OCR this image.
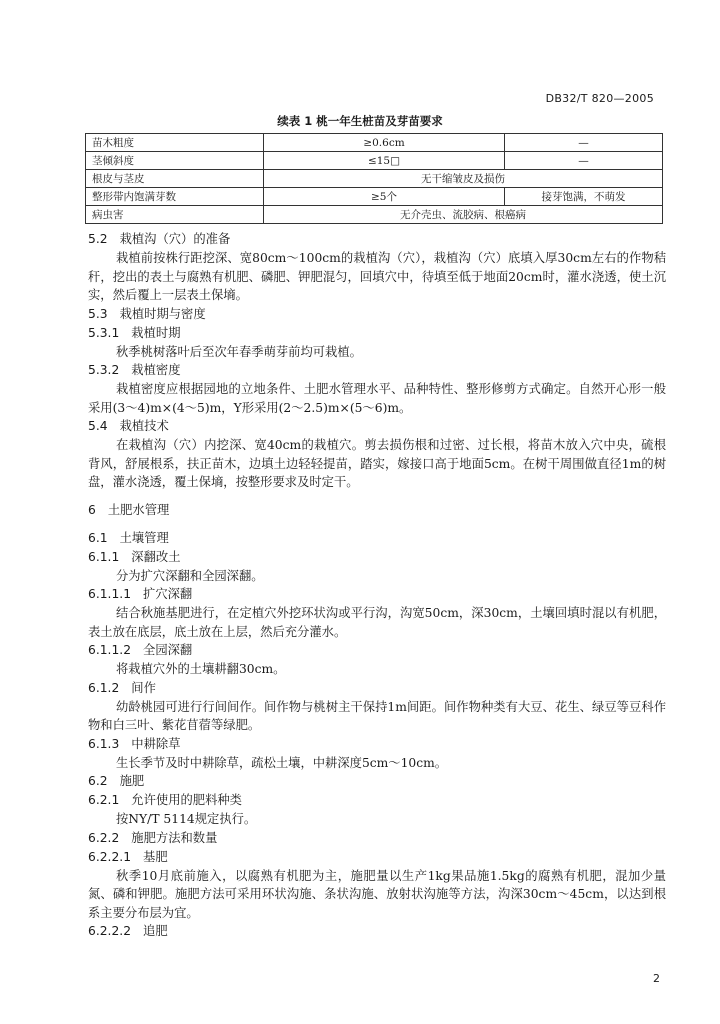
DB32/T 820—2005
续表 1 桃一年生桩苗及芽苗要求
苗木粗度	≥0.6cm	—
茎倾斜度	≤15□	—
根皮与茎皮	无干缩皱皮及损伤	
整形带内饱满芽数	≥5个	接芽饱满，不萌发
病虫害	无介壳虫、流胶病、根癌病	

5.2 栽植沟（穴）的准备

栽植前按株行距挖深、宽80cm～100cm的栽植沟（穴），栽植沟（穴）底填入厚30cm左右的作物秸秆，挖出的表土与腐熟有机肥、磷肥、钾肥混匀，回填穴中，待填至低于地面20cm时，灌水浇透，使土沉实，然后覆上一层表土保墒。

5.3 栽植时期与密度

5.3.1 栽植时期

秋季桃树落叶后至次年春季萌芽前均可栽植。

5.3.2 栽植密度

栽植密度应根据园地的立地条件、土肥水管理水平、品种特性、整形修剪方式确定。自然开心形一般采用(3～4)m×(4～5)m，Y形采用(2～2.5)m×(5～6)m。

5.4 栽植技术

在栽植沟（穴）内挖深、宽40cm的栽植穴。剪去损伤根和过密、过长根，将苗木放入穴中央，硫根背风，舒展根系，扶正苗木，边填土边轻轻提苗，踏实，嫁接口高于地面5cm。在树干周围做直径1m的树盘，灌水浇透，覆土保墒，按整形要求及时定干。

6 土肥水管理

6.1 土壤管理

6.1.1 深翻改土

分为扩穴深翻和全园深翻。

6.1.1.1 扩穴深翻

结合秋施基肥进行，在定植穴外挖环状沟或平行沟，沟宽50cm，深30cm，土壤回填时混以有机肥，表土放在底层，底土放在上层，然后充分灌水。

6.1.1.2 全园深翻

将栽植穴外的土壤耕翻30cm。

6.1.2 间作

幼龄桃园可进行行间间作。间作物与桃树主干保持1m间距。间作物种类有大豆、花生、绿豆等豆科作物和白三叶、紫花苜蓿等绿肥。

6.1.3 中耕除草

生长季节及时中耕除草，疏松土壤，中耕深度5cm～10cm。

6.2 施肥

6.2.1 允许使用的肥料种类

按NY/T 5114规定执行。

6.2.2 施肥方法和数量

6.2.2.1 基肥

秋季10月底前施入，以腐熟有机肥为主，施肥量以生产1kg果品施1.5kg的腐熟有机肥，混加少量氮、磷和钾肥。施肥方法可采用环状沟施、条状沟施、放射状沟施等方法，沟深30cm～45cm，以达到根系主要分布层为宜。

6.2.2.2 追肥

2
